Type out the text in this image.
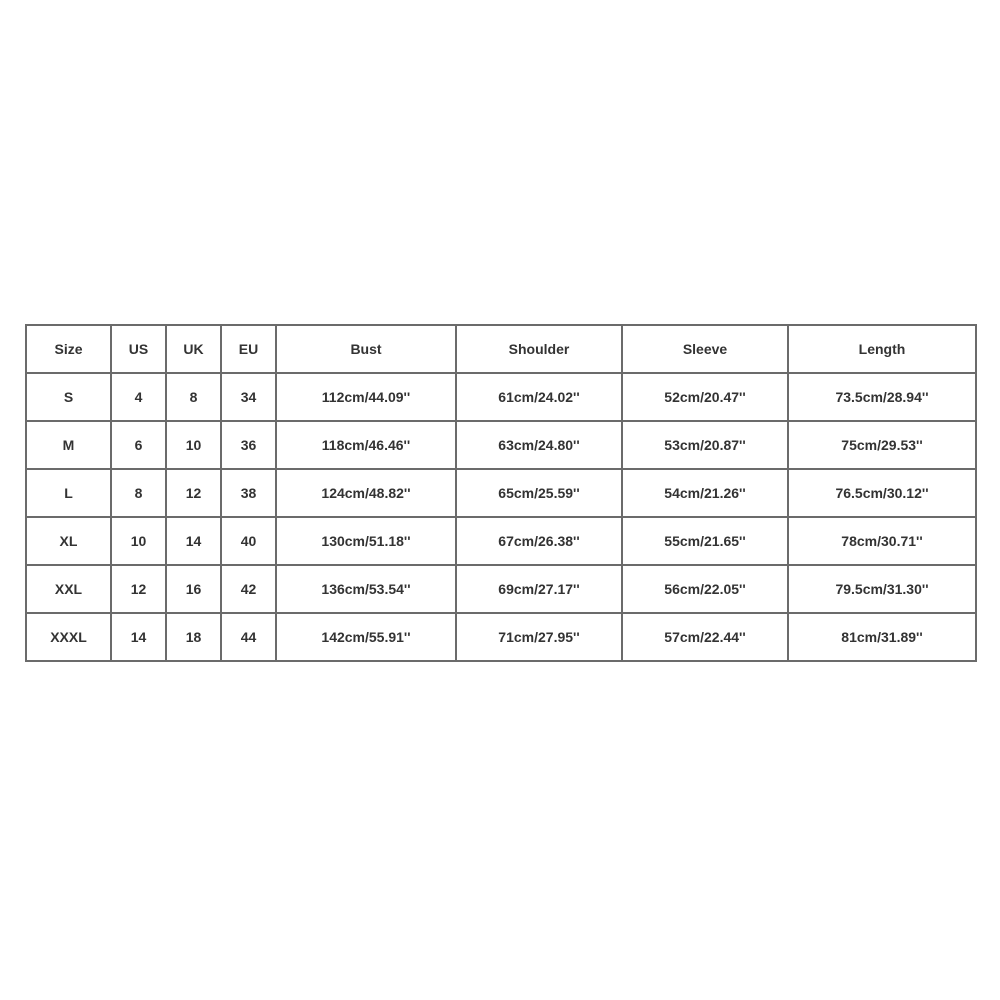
Size	US	UK	EU	Bust	Shoulder	Sleeve	Length
S	4	8	34	112cm/44.09''	61cm/24.02''	52cm/20.47''	73.5cm/28.94''
M	6	10	36	118cm/46.46''	63cm/24.80''	53cm/20.87''	75cm/29.53''
L	8	12	38	124cm/48.82''	65cm/25.59''	54cm/21.26''	76.5cm/30.12''
XL	10	14	40	130cm/51.18''	67cm/26.38''	55cm/21.65''	78cm/30.71''
XXL	12	16	42	136cm/53.54''	69cm/27.17''	56cm/22.05''	79.5cm/31.30''
XXXL	14	18	44	142cm/55.91''	71cm/27.95''	57cm/22.44''	81cm/31.89''
